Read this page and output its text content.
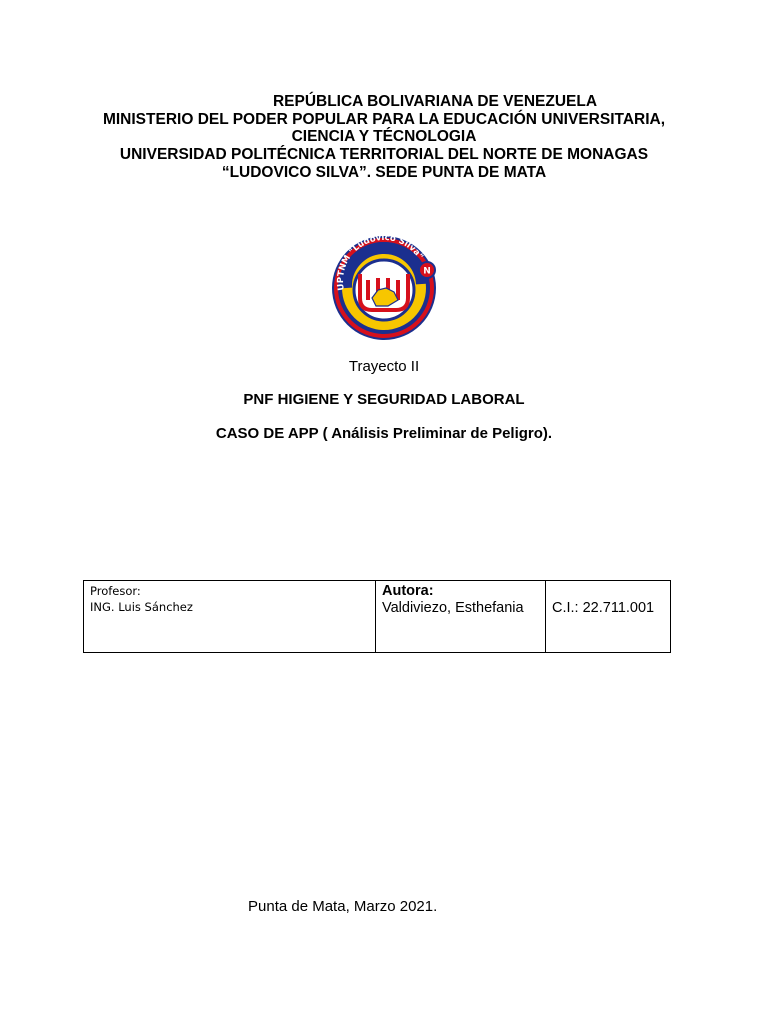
REPÚBLICA BOLIVARIANA DE VENEZUELA
MINISTERIO DEL PODER POPULAR PARA LA EDUCACIÓN UNIVERSITARIA,
CIENCIA Y TÉCNOLOGIA
UNIVERSIDAD POLITÉCNICA TERRITORIAL DEL NORTE DE MONAGAS
“LUDOVICO SILVA”. SEDE PUNTA DE MATA
UPTNM "Ludovico Silva"
N
Trayecto II
PNF HIGIENE Y SEGURIDAD LABORAL
CASO DE APP ( Análisis Preliminar de Peligro).
Profesor:
ING. Luis Sánchez

Autora:
Valdiviezo, Esthefania	C.I.: 22.711.001
Punta de Mata, Marzo 2021.
